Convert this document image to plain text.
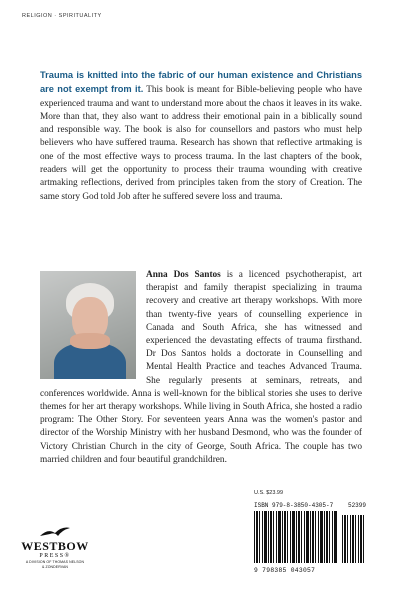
RELIGION · SPIRITUALITY
Trauma is knitted into the fabric of our human existence and Christians are not exempt from it. This book is meant for Bible-believing people who have experienced trauma and want to understand more about the chaos it leaves in its wake. More than that, they also want to address their emotional pain in a biblically sound and responsible way. The book is also for counsellors and pastors who must help believers who have suffered trauma. Research has shown that reflective artmaking is one of the most effective ways to process trauma. In the last chapters of the book, readers will get the opportunity to process their trauma wounding with creative artmaking reflections, derived from principles taken from the story of Creation. The same story God told Job after he suffered severe loss and trauma.
Anna Dos Santos is a licenced psychotherapist, art therapist and family therapist specializing in trauma recovery and creative art therapy workshops. With more than twenty-five years of counselling experience in Canada and South Africa, she has witnessed and experienced the devastating effects of trauma firsthand. Dr Dos Santos holds a doctorate in Counselling and Mental Health Practice and teaches Advanced Trauma. She regularly presents at seminars, retreats, and conferences worldwide. Anna is well-known for the biblical stories she uses to derive themes for her art therapy workshops. While living in South Africa, she hosted a radio program: The Other Story. For seventeen years Anna was the women's pastor and director of the Worship Ministry with her husband Desmond, who was the founder of Victory Christian Church in the city of George, South Africa. The couple has two married children and four beautiful grandchildren.
U.S. $23.99
ISBN 979-8-3850-4305-7	52399
9 798385 043057
WESTBOW
PRESS®
A DIVISION OF THOMAS NELSON
& ZONDERVAN
